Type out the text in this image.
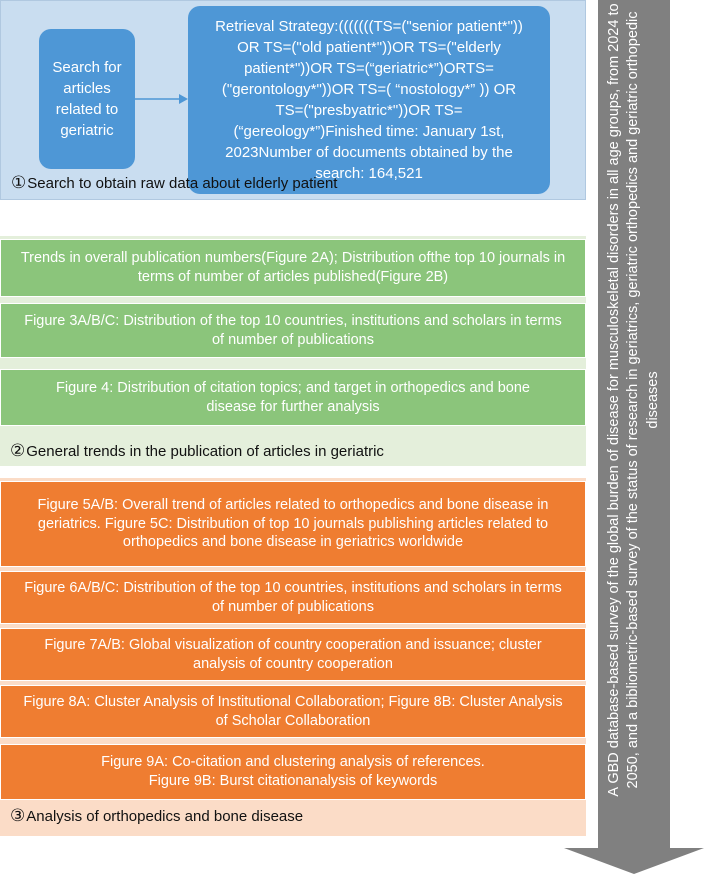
Search for articles related to geriatric
Retrieval Strategy:(((((((TS=("senior patient*")) OR TS=("old patient*"))OR TS=("elderly patient*"))OR TS=(“geriatric*”)ORTS=("gerontology*"))OR TS=( “nostology*” )) OR TS=("presbyatric*"))OR TS=(“gereology*”)Finished time: January 1st, 2023Number of documents obtained by the search: 164,521
①Search to obtain raw data about elderly patient
Trends in overall publication numbers(Figure 2A); Distribution ofthe top 10 journals in terms of number of articles published(Figure 2B)
Figure 3A/B/C: Distribution of the top 10 countries, institutions and scholars in terms of number of publications
Figure 4: Distribution of citation topics; and target in orthopedics and bone disease for further analysis
②General trends in the publication of articles in geriatric
Figure 5A/B: Overall trend of articles related to orthopedics and bone disease in geriatrics. Figure 5C: Distribution of top 10 journals publishing articles related to orthopedics and bone disease in geriatrics worldwide
Figure 6A/B/C: Distribution of the top 10 countries, institutions and scholars in terms of number of publications
Figure 7A/B: Global visualization of country cooperation and issuance; cluster analysis of country cooperation
Figure 8A: Cluster Analysis of Institutional Collaboration; Figure 8B: Cluster Analysis of Scholar Collaboration
Figure 9A: Co-citation and clustering analysis of references. Figure 9B: Burst citationanalysis of keywords
③Analysis of orthopedics and bone disease
A GBD database-based survey of the global burden of disease for musculoskeletal disorders in all age groups, from 2024 to 2050, and a bibliometric-based survey of the status of research in geriatrics, geriatric orthopedics and geriatric orthopedic diseases
